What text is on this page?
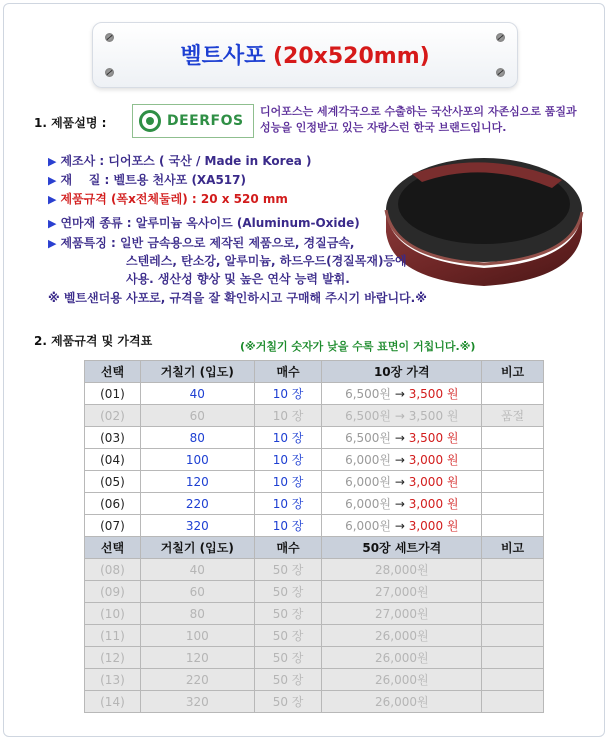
벨트사포 (20x520mm)
1. 제품설명 :	DEERFOS
디어포스는 세계각국으로 수출하는 국산사포의 자존심으로 품질과 성능을 인정받고 있는 자랑스런 한국 브랜드입니다.
▶ 제조사 : 디어포스 ( 국산 / Made in Korea )
▶ 재    질 : 벨트용 천사포 (XA517)
▶ 제품규격 (폭x전체둘레) : 20 x 520 mm
▶ 연마재 종류 : 알루미늄 옥사이드 (Aluminum-Oxide)
▶ 제품특징 : 일반 금속용으로 제작된 제품으로, 경질금속,
스텐레스, 탄소강, 알루미늄, 하드우드(경질목재)등에
사용. 생산성 향상 및 높은 연삭 능력 발휘.
※ 벨트샌더용 사포로, 규격을 잘 확인하시고 구매해 주시기 바랍니다.※
2. 제품규격 및 가격표	(※거칠기 숫자가 낮을 수록 표면이 거칩니다.※)
선택	거칠기 (입도)	매수	10장 가격	비고
(01)	40	10 장	6,500원 → 3,500 원	
(02)	60	10 장	6,500원 → 3,500 원	품절
(03)	80	10 장	6,500원 → 3,500 원	
(04)	100	10 장	6,000원 → 3,000 원	
(05)	120	10 장	6,000원 → 3,000 원	
(06)	220	10 장	6,000원 → 3,000 원	
(07)	320	10 장	6,000원 → 3,000 원	
선택	거칠기 (입도)	매수	50장 세트가격	비고
(08)	40	50 장	28,000원	
(09)	60	50 장	27,000원	
(10)	80	50 장	27,000원	
(11)	100	50 장	26,000원	
(12)	120	50 장	26,000원	
(13)	220	50 장	26,000원	
(14)	320	50 장	26,000원	
